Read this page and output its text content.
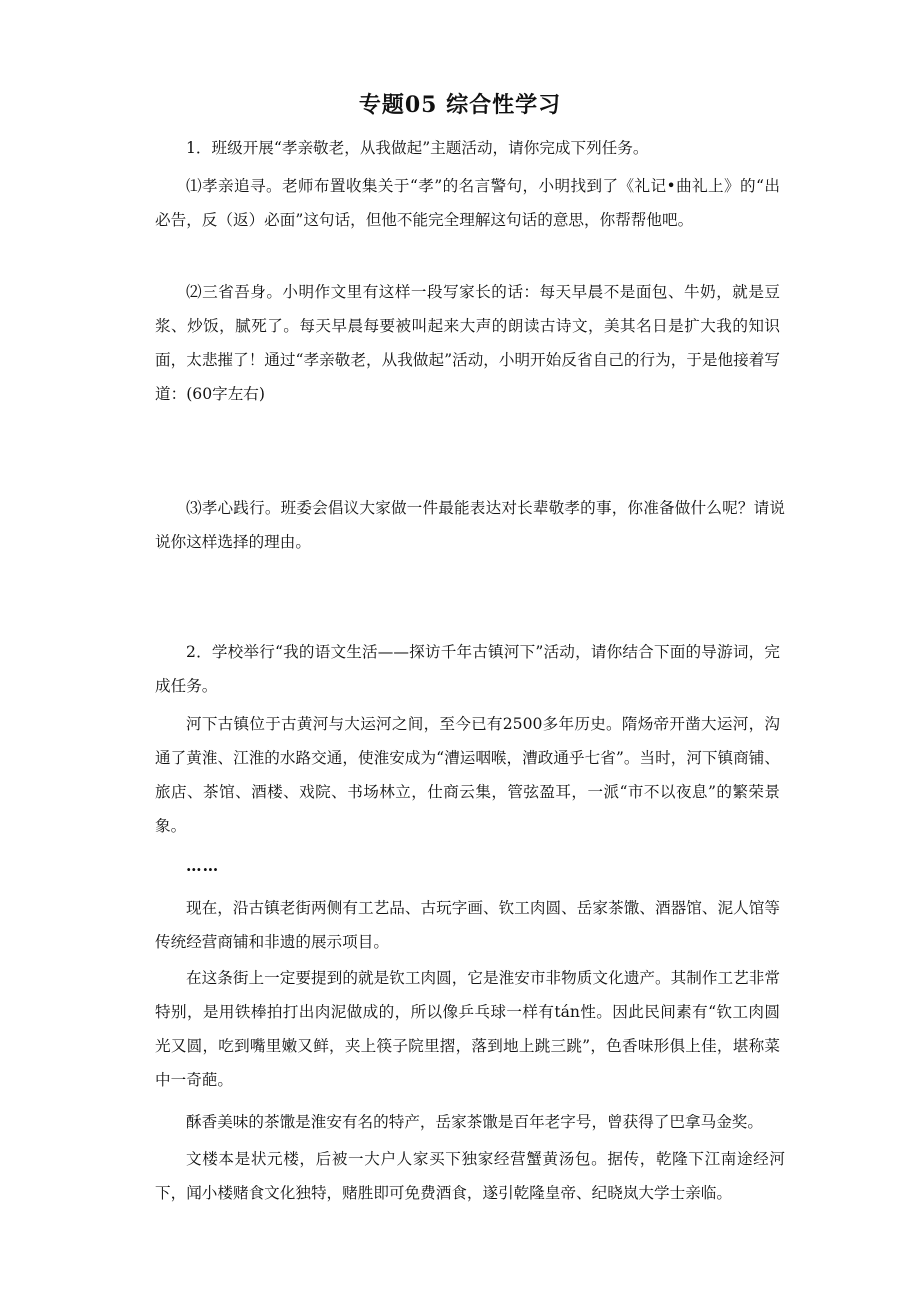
专题05 综合性学习

1．班级开展“孝亲敬老，从我做起”主题活动，请你完成下列任务。

⑴孝亲追寻。老师布置收集关于“孝”的名言警句，小明找到了《礼记•曲礼上》的“出必告，反（返）必面”这句话，但他不能完全理解这句话的意思，你帮帮他吧。

⑵三省吾身。小明作文里有这样一段写家长的话：每天早晨不是面包、牛奶，就是豆浆、炒饭，腻死了。每天早晨每要被叫起来大声的朗读古诗文，美其名日是扩大我的知识面，太悲摧了！通过“孝亲敬老，从我做起”活动，小明开始反省自己的行为，于是他接着写道：(60字左右)

⑶孝心践行。班委会倡议大家做一件最能表达对长辈敬孝的事，你准备做什么呢？请说说你这样选择的理由。

2．学校举行“我的语文生活——探访千年古镇河下”活动，请你结合下面的导游词，完成任务。

河下古镇位于古黄河与大运河之间，至今已有2500多年历史。隋炀帝开凿大运河，沟通了黄淮、江淮的水路交通，使淮安成为“漕运咽喉，漕政通乎七省”。当时，河下镇商铺、旅店、茶馆、酒楼、戏院、书场林立，仕商云集，管弦盈耳，一派“市不以夜息”的繁荣景象。

……

现在，沿古镇老街两侧有工艺品、古玩字画、钦工肉圆、岳家茶馓、酒器馆、泥人馆等传统经营商铺和非遗的展示项目。

在这条街上一定要提到的就是钦工肉圆，它是淮安市非物质文化遗产。其制作工艺非常特别，是用铁棒拍打出肉泥做成的，所以像乒乓球一样有tán性。因此民间素有“钦工肉圆光又圆，吃到嘴里嫩又鲜，夹上筷子院里摺，落到地上跳三跳”，色香味形俱上佳，堪称菜中一奇葩。

酥香美味的茶馓是淮安有名的特产，岳家茶馓是百年老字号，曾获得了巴拿马金奖。

文楼本是状元楼，后被一大户人家买下独家经营蟹黄汤包。据传，乾隆下江南途经河下，闻小楼赌食文化独特，赌胜即可免费酒食，遂引乾隆皇帝、纪晓岚大学士亲临。
